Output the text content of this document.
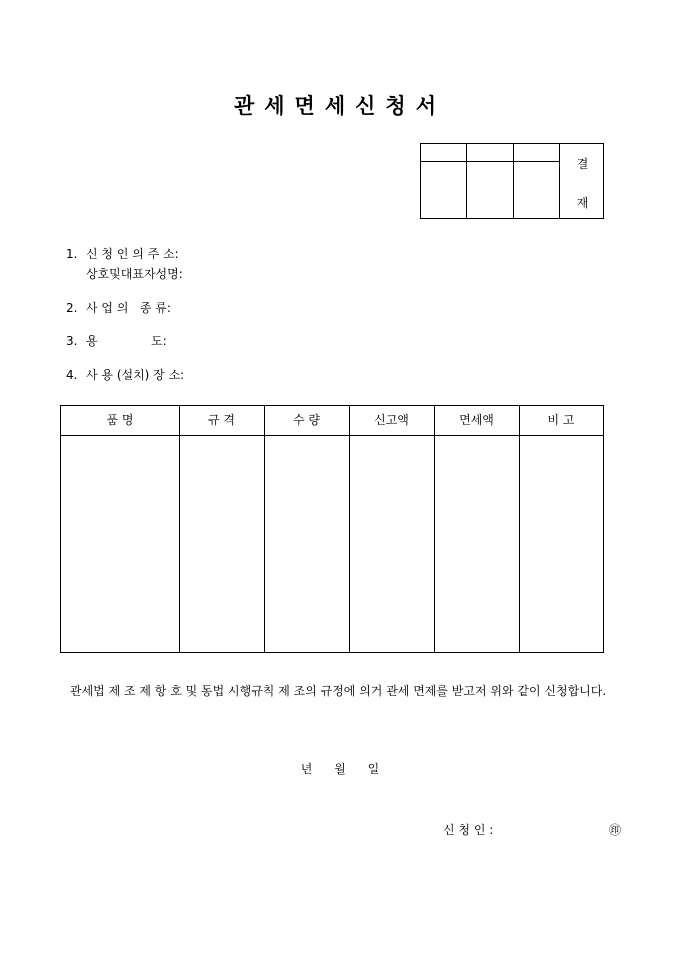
관세면세신청서
결
재
1. 신 청 인 의 주 소:
상호및대표자성명:
2. 사 업 의   종 류:
3. 용              도:
4. 사 용 (설치) 장 소:
품 명	규 격	수 량	신고액	면세액	비 고
관세법 제 조 제 항 호 및 동법 시행규칙 제 조의 규정에 의거 관세 면제를 받고저 위와 같이 신청합니다.
년 월 일
신 청 인 :	㊞
